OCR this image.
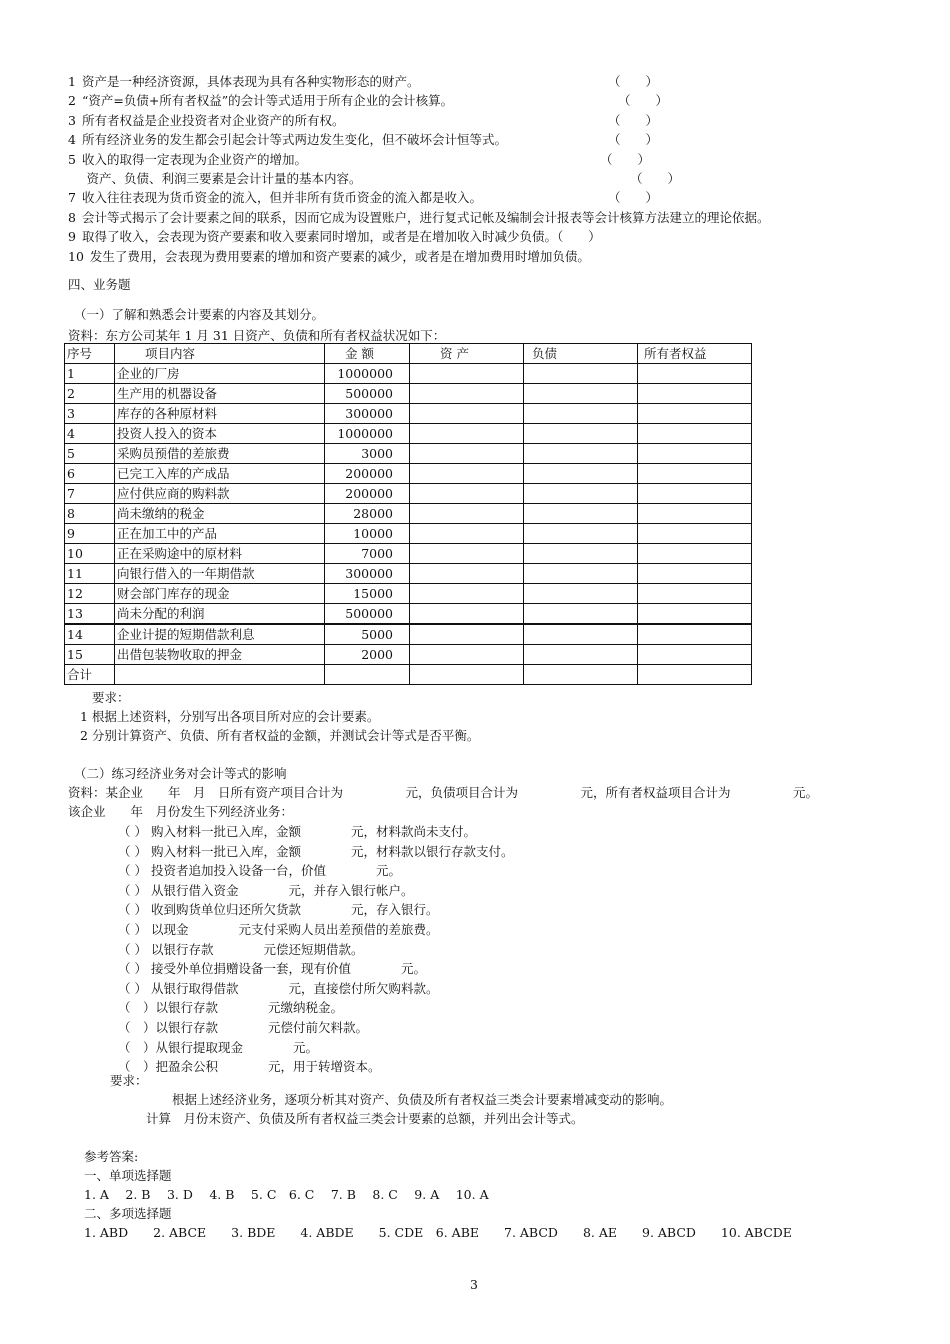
1 资产是一种经济资源，具体表现为具有各种实物形态的财产。	（　　）
2 “资产=负债+所有者权益”的会计等式适用于所有企业的会计核算。	（　　）
3 所有者权益是企业投资者对企业资产的所有权。	（　　）
4 所有经济业务的发生都会引起会计等式两边发生变化，但不破坏会计恒等式。	（　　）
5 收入的取得一定表现为企业资产的增加。	（　　）
　资产、负债、利润三要素是会计计量的基本内容。	（　　）
7 收入往往表现为货币资金的流入，但并非所有货币资金的流入都是收入。	（　　）
8 会计等式揭示了会计要素之间的联系，因而它成为设置账户，进行复式记帐及编制会计报表等会计核算方法建立的理论依据。
9 取得了收入，会表现为资产要素和收入要素同时增加，或者是在增加收入时减少负债。（　　）
10 发生了费用，会表现为费用要素的增加和资产要素的减少，或者是在增加费用时增加负债。
四、业务题
（一）了解和熟悉会计要素的内容及其划分。
资料：东方公司某年 1 月 31 日资产、负债和所有者权益状况如下：
序号	项目内容	金 额	资 产	负债	所有者权益
1	企业的厂房	1000000			
2	生产用的机器设备	500000			
3	库存的各种原材料	300000			
4	投资人投入的资本	1000000			
5	采购员预借的差旅费	3000			
6	已完工入库的产成品	200000			
7	应付供应商的购料款	200000			
8	尚未缴纳的税金	28000			
9	正在加工中的产品	10000			
10	正在采购途中的原材料	7000			
11	向银行借入的一年期借款	300000			
12	财会部门库存的现金	15000			
13	尚未分配的利润	500000			
14	企业计提的短期借款利息	5000			
15	出借包装物收取的押金	2000			
合计					
要求：
1 根据上述资料，分别写出各项目所对应的会计要素。
2 分别计算资产、负债、所有者权益的金额，并测试会计等式是否平衡。
（二）练习经济业务对会计等式的影响
资料：某企业　　年　月　日所有资产项目合计为　　　　　元，负债项目合计为　　　　　元，所有者权益项目合计为　　　　　元。
该企业　　年　月份发生下列经济业务：
（ ） 购入材料一批已入库，金额　　　　元，材料款尚未支付。
（ ） 购入材料一批已入库，金额　　　　元，材料款以银行存款支付。
（ ） 投资者追加投入设备一台，价值　　　　元。
（ ） 从银行借入资金　　　　元，并存入银行帐户。
（ ） 收到购货单位归还所欠货款　　　　元，存入银行。
（ ） 以现金　　　　元支付采购人员出差预借的差旅费。
（ ） 以银行存款　　　　元偿还短期借款。
（ ） 接受外单位捐赠设备一套，现有价值　　　　元。
（ ） 从银行取得借款　　　　元，直接偿付所欠购料款。
（　）以银行存款　　　　元缴纳税金。
（　）以银行存款　　　　元偿付前欠料款。
（　）从银行提取现金　　　　元。
（　）把盈余公积　　　　元，用于转增资本。
要求：
根据上述经济业务，逐项分析其对资产、负债及所有者权益三类会计要素增减变动的影响。
计算　月份末资产、负债及所有者权益三类会计要素的总额，并列出会计等式。
参考答案:
一、单项选择题
1. A　 2. B　 3. D　 4. B　 5. C　6. C　 7. B　 8. C　 9. A　 10. A
二、多项选择题
1. ABD　　2. ABCE　　3. BDE　　4. ABDE　　5. CDE　6. ABE　　7. ABCD　　8. AE　　9. ABCD　　10. ABCDE
3
